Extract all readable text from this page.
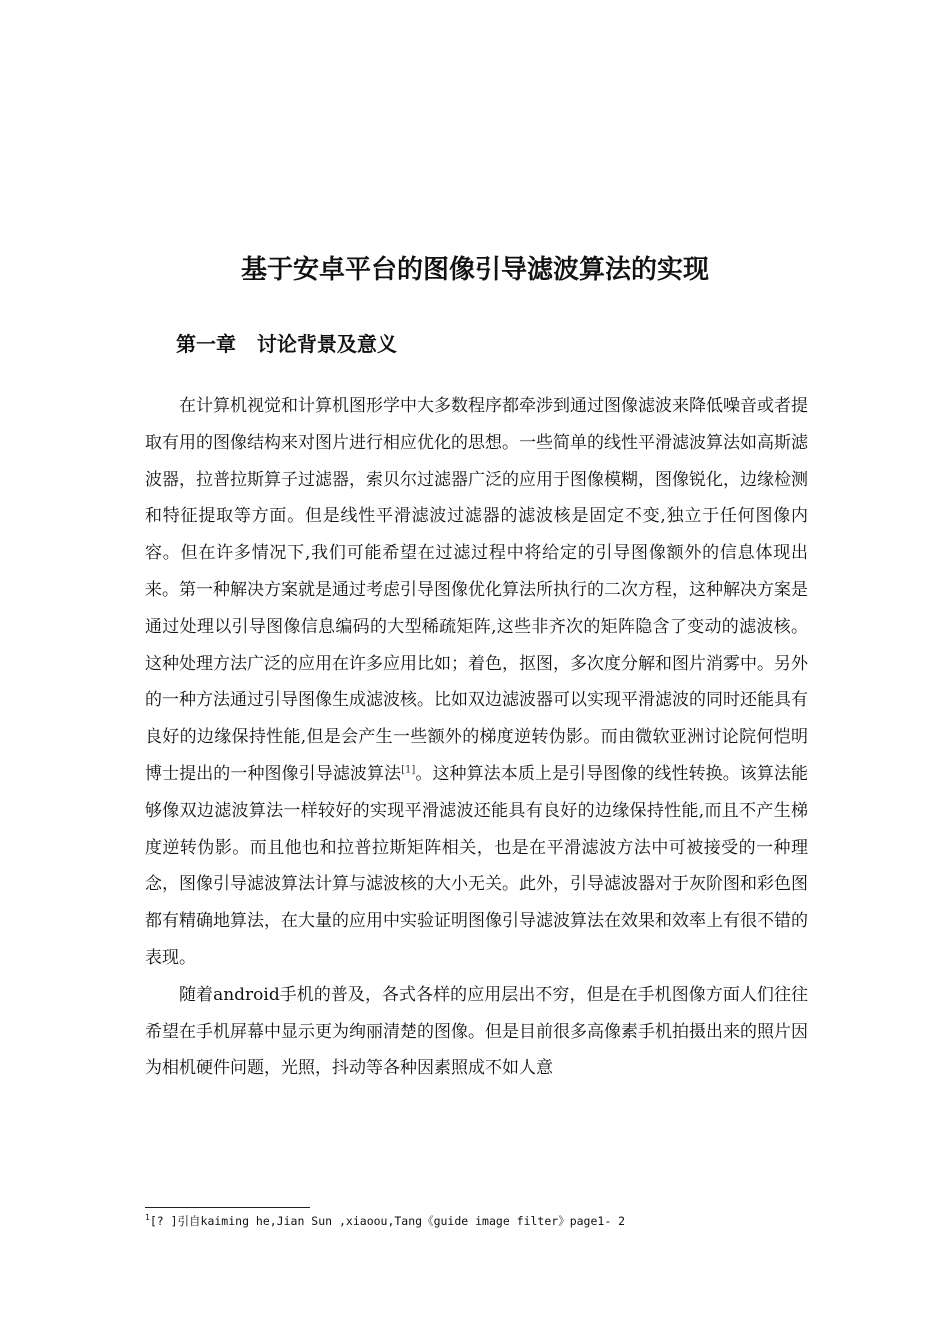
基于安卓平台的图像引导滤波算法的实现
第一章   讨论背景及意义

在计算机视觉和计算机图形学中大多数程序都牵涉到通过图像滤波来降低噪音或者提取有用的图像结构来对图片进行相应优化的思想。一些简单的线性平滑滤波算法如高斯滤波器，拉普拉斯算子过滤器，索贝尔过滤器广泛的应用于图像模糊，图像锐化，边缘检测和特征提取等方面。但是线性平滑滤波过滤器的滤波核是固定不变,独立于任何图像内容。但在许多情况下,我们可能希望在过滤过程中将给定的引导图像额外的信息体现出来。第一种解决方案就是通过考虑引导图像优化算法所执行的二次方程，这种解决方案是通过处理以引导图像信息编码的大型稀疏矩阵,这些非齐次的矩阵隐含了变动的滤波核。这种处理方法广泛的应用在许多应用比如；着色，抠图，多次度分解和图片消雾中。另外的一种方法通过引导图像生成滤波核。比如双边滤波器可以实现平滑滤波的同时还能具有良好的边缘保持性能,但是会产生一些额外的梯度逆转伪影。而由微软亚洲讨论院何恺明博士提出的一种图像引导滤波算法[1]。这种算法本质上是引导图像的线性转换。该算法能够像双边滤波算法一样较好的实现平滑滤波还能具有良好的边缘保持性能,而且不产生梯度逆转伪影。而且他也和拉普拉斯矩阵相关，也是在平滑滤波方法中可被接受的一种理念，图像引导滤波算法计算与滤波核的大小无关。此外，引导滤波器对于灰阶图和彩色图都有精确地算法，在大量的应用中实验证明图像引导滤波算法在效果和效率上有很不错的表现。

随着android手机的普及，各式各样的应用层出不穷，但是在手机图像方面人们往往希望在手机屏幕中显示更为绚丽清楚的图像。但是目前很多高像素手机拍摄出来的照片因为相机硬件问题，光照，抖动等各种因素照成不如人意

$^1$[? ]引自kaiming he,Jian Sun ,xiaoou,Tang《guide image filter》page1- 2
